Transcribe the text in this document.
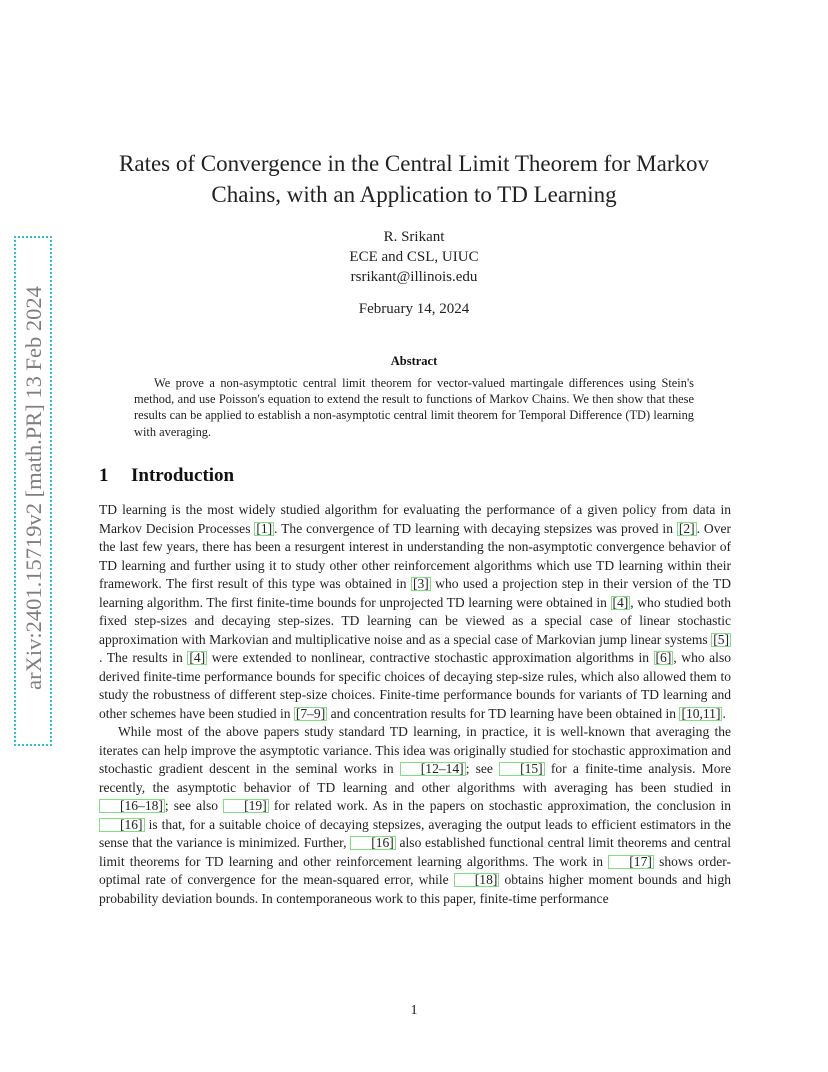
arXiv:2401.15719v2 [math.PR] 13 Feb 2024
Rates of Convergence in the Central Limit Theorem for Markov
Chains, with an Application to TD Learning
R. Srikant
ECE and CSL, UIUC
rsrikant@illinois.edu
February 14, 2024
Abstract
We prove a non-asymptotic central limit theorem for vector-valued martingale differences using Stein's method, and use Poisson's equation to extend the result to functions of Markov Chains. We then show that these results can be applied to establish a non-asymptotic central limit theorem for Temporal Difference (TD) learning with averaging.
1 Introduction

TD learning is the most widely studied algorithm for evaluating the performance of a given policy from data in Markov Decision Processes [1] . The convergence of TD learning with decaying stepsizes was proved in [2] . Over the last few years, there has been a resurgent interest in understanding the non-asymptotic convergence behavior of TD learning and further using it to study other other reinforcement algorithms which use TD learning within their framework. The first result of this type was obtained in [3] who used a projection step in their version of the TD learning algorithm. The first finite-time bounds for unprojected TD learning were obtained in [4] , who studied both fixed step-sizes and decaying step-sizes. TD learning can be viewed as a special case of linear stochastic approximation with Markovian and multiplicative noise and as a special case of Markovian jump linear systems [5]. The results in [4] were extended to nonlinear, contractive stochastic approximation algorithms in [6] , who also derived finite-time performance bounds for specific choices of decaying step-size rules, which also allowed them to study the robustness of different step-size choices. Finite-time performance bounds for variants of TD learning and other schemes have been studied in [7–9] and concentration results for TD learning have been obtained in [10,11] .

While most of the above papers study standard TD learning, in practice, it is well-known that averaging the iterates can help improve the asymptotic variance. This idea was originally studied for stochastic approximation and stochastic gradient descent in the seminal works in [12–14] ; see [15] for a finite-time analysis. More recently, the asymptotic behavior of TD learning and other algorithms with averaging has been studied in [16–18] ; see also [19] for related work. As in the papers on stochastic approximation, the conclusion in [16] is that, for a suitable choice of decaying stepsizes, averaging the output leads to efficient estimators in the sense that the variance is minimized. Further, [16] also established functional central limit theorems and central limit theorems for TD learning and other reinforcement learning algorithms. The work in [17] shows order-optimal rate of convergence for the mean-squared error, while [18] obtains higher moment bounds and high probability deviation bounds. In contemporaneous work to this paper, finite-time performance

1
